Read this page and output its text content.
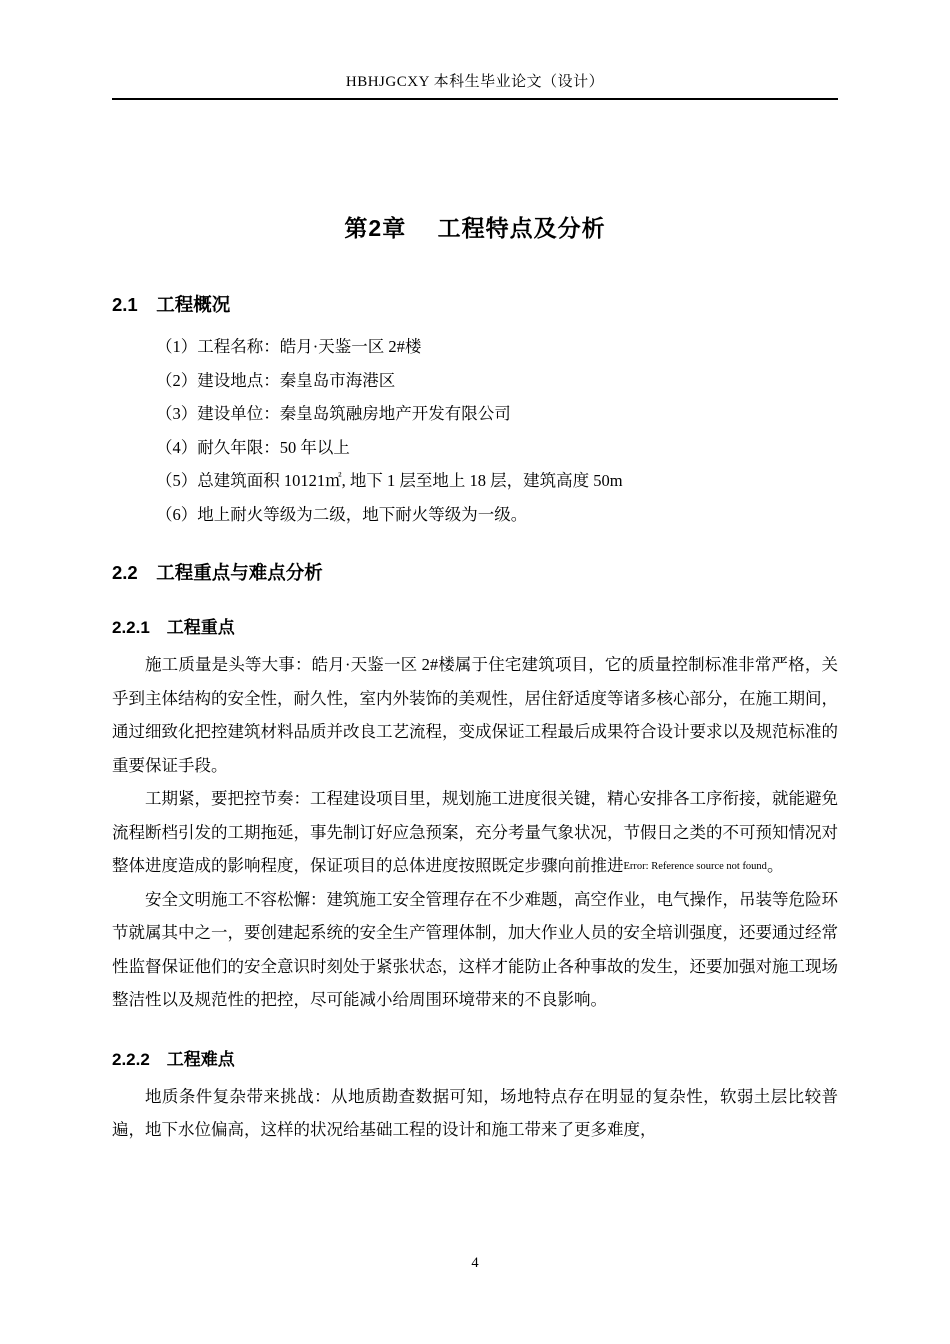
HBHJGCXY 本科生毕业论文（设计）
第2章　 工程特点及分析
2.1　工程概况
（1）工程名称：皓月·天鉴一区 2#楼
（2）建设地点：秦皇岛市海港区
（3）建设单位：秦皇岛筑融房地产开发有限公司
（4）耐久年限：50 年以上
（5）总建筑面积 10121㎡, 地下 1 层至地上 18 层，建筑高度 50m
（6）地上耐火等级为二级，地下耐火等级为一级。
2.2　工程重点与难点分析
2.2.1　工程重点

施工质量是头等大事：皓月·天鉴一区 2#楼属于住宅建筑项目，它的质量控制标准非常严格，关乎到主体结构的安全性，耐久性，室内外装饰的美观性，居住舒适度等诸多核心部分，在施工期间，通过细致化把控建筑材料品质并改良工艺流程，变成保证工程最后成果符合设计要求以及规范标准的重要保证手段。

工期紧，要把控节奏：工程建设项目里，规划施工进度很关键，精心安排各工序衔接，就能避免流程断档引发的工期拖延，事先制订好应急预案，充分考量气象状况，节假日之类的不可预知情况对整体进度造成的影响程度，保证项目的总体进度按照既定步骤向前推进Error: Reference source not found。

安全文明施工不容松懈：建筑施工安全管理存在不少难题，高空作业，电气操作，吊装等危险环节就属其中之一，要创建起系统的安全生产管理体制，加大作业人员的安全培训强度，还要通过经常性监督保证他们的安全意识时刻处于紧张状态，这样才能防止各种事故的发生，还要加强对施工现场整洁性以及规范性的把控，尽可能减小给周围环境带来的不良影响。

2.2.2　工程难点

地质条件复杂带来挑战：从地质勘查数据可知，场地特点存在明显的复杂性，软弱土层比较普遍，地下水位偏高，这样的状况给基础工程的设计和施工带来了更多难度，

4
